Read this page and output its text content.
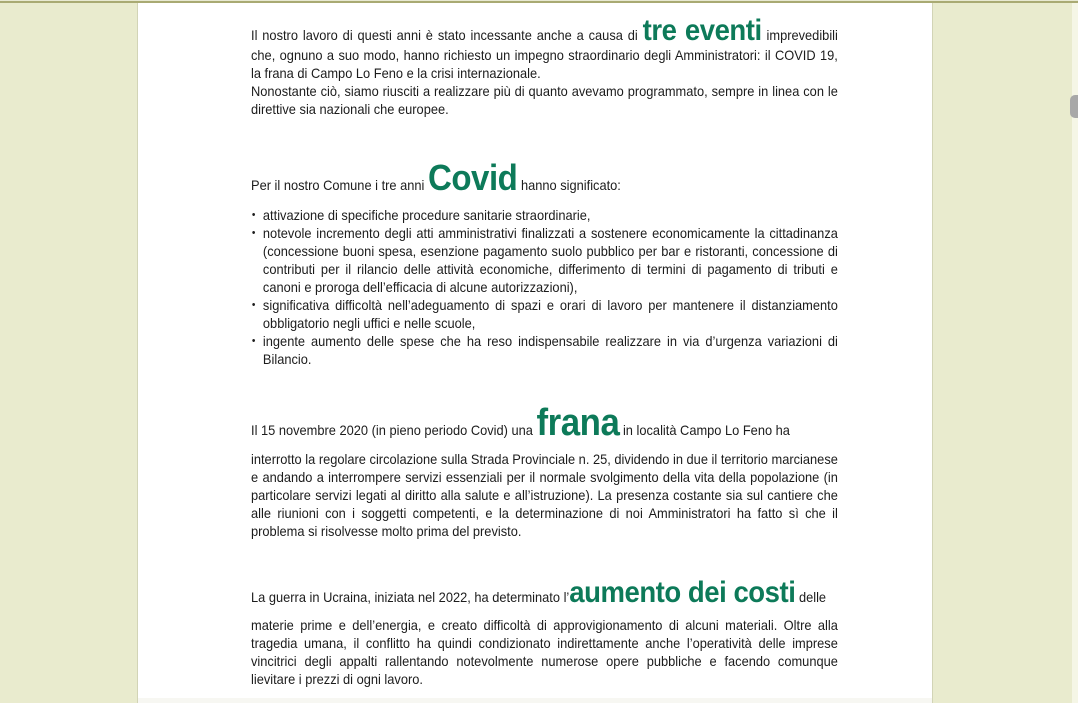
Il nostro lavoro di questi anni è stato incessante anche a causa di tre eventi imprevedibili che, ognuno a suo modo, hanno richiesto un impegno straordinario degli Amministratori: il COVID 19, la frana di Campo Lo Feno e la crisi internazionale.

Nonostante ciò, siamo riusciti a realizzare più di quanto avevamo programmato, sempre in linea con le direttive sia nazionali che europee.

Per il nostro Comune i tre anni Covid hanno significato:
• attivazione di specifiche procedure sanitarie straordinarie,
• notevole incremento degli atti amministrativi finalizzati a sostenere economicamente la cittadinanza (concessione buoni spesa, esenzione pagamento suolo pubblico per bar e ristoranti, concessione di contributi per il rilancio delle attività economiche, differimento di termini di pagamento di tributi e canoni e proroga dell’efficacia di alcune autorizzazioni),
• significativa difficoltà nell’adeguamento di spazi e orari di lavoro per mantenere il distanziamento obbligatorio negli uffici e nelle scuole,
• ingente aumento delle spese che ha reso indispensabile realizzare in via d’urgenza variazioni di Bilancio.
Il 15 novembre 2020 (in pieno periodo Covid) una frana in località Campo Lo Feno ha

interrotto la regolare circolazione sulla Strada Provinciale n. 25, dividendo in due il territorio marcianese e andando a interrompere servizi essenziali per il normale svolgimento della vita della popolazione (in particolare servizi legati al diritto alla salute e all’istruzione). La presenza costante sia sul cantiere che alle riunioni con i soggetti competenti, e la determinazione di noi Amministratori ha fatto sì che il problema si risolvesse molto prima del previsto.

La guerra in Ucraina, iniziata nel 2022, ha determinato l’aumento dei costi delle

materie prime e dell’energia, e creato difficoltà di approvigionamento di alcuni materiali. Oltre alla tragedia umana, il conflitto ha quindi condizionato indirettamente anche l’operatività delle imprese vincitrici degli appalti rallentando notevolmente numerose opere pubbliche e facendo comunque lievitare i prezzi di ogni lavoro.
